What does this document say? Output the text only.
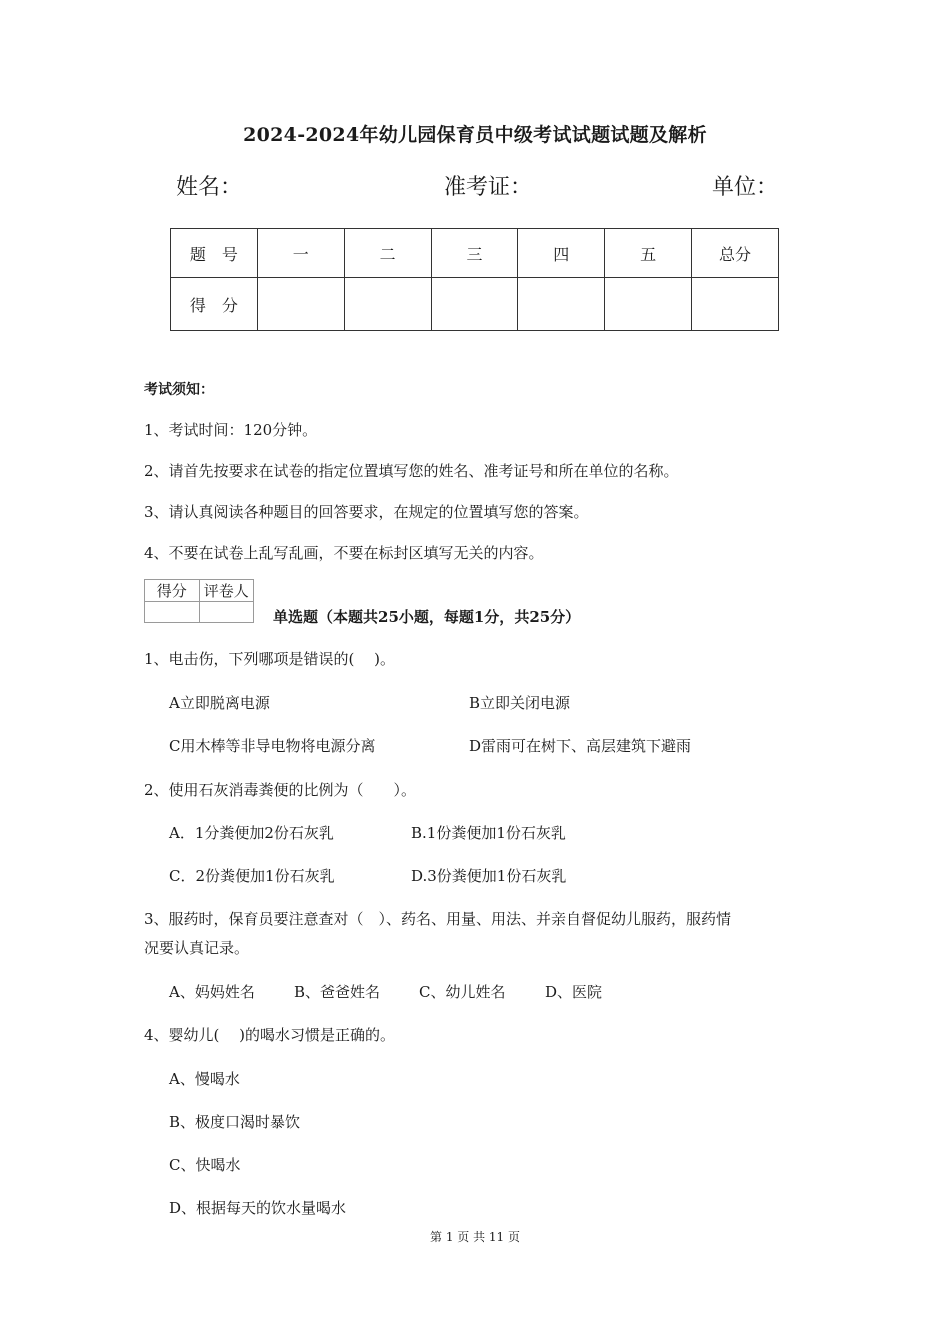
2024-2024年幼儿园保育员中级考试试题试题及解析
姓名：	准考证：	单位：
题　号	一	二	三	四	五	总分
得　分						
考试须知：
1、考试时间：120分钟。
2、请首先按要求在试卷的指定位置填写您的姓名、准考证号和所在单位的名称。
3、请认真阅读各种题目的回答要求，在规定的位置填写您的答案。
4、不要在试卷上乱写乱画，不要在标封区填写无关的内容。
得分	评卷人

单选题（本题共25小题，每题1分，共25分）
1、电击伤，下列哪项是错误的(　 )。
A立即脱离电源	B立即关闭电源
C用木棒等非导电物将电源分离	D雷雨可在树下、高层建筑下避雨
2、使用石灰消毒粪便的比例为（　　）。
A．1分粪便加2份石灰乳	B.1份粪便加1份石灰乳
C．2份粪便加1份石灰乳	D.3份粪便加1份石灰乳
3、服药时，保育员要注意查对（　）、药名、用量、用法、并亲自督促幼儿服药，服药情
况要认真记录。
A、妈妈姓名	B、爸爸姓名	C、幼儿姓名	D、医院
4、婴幼儿(　 )的喝水习惯是正确的。
A、慢喝水
B、极度口渴时暴饮
C、快喝水
D、根据每天的饮水量喝水
第 1 页 共 11 页
